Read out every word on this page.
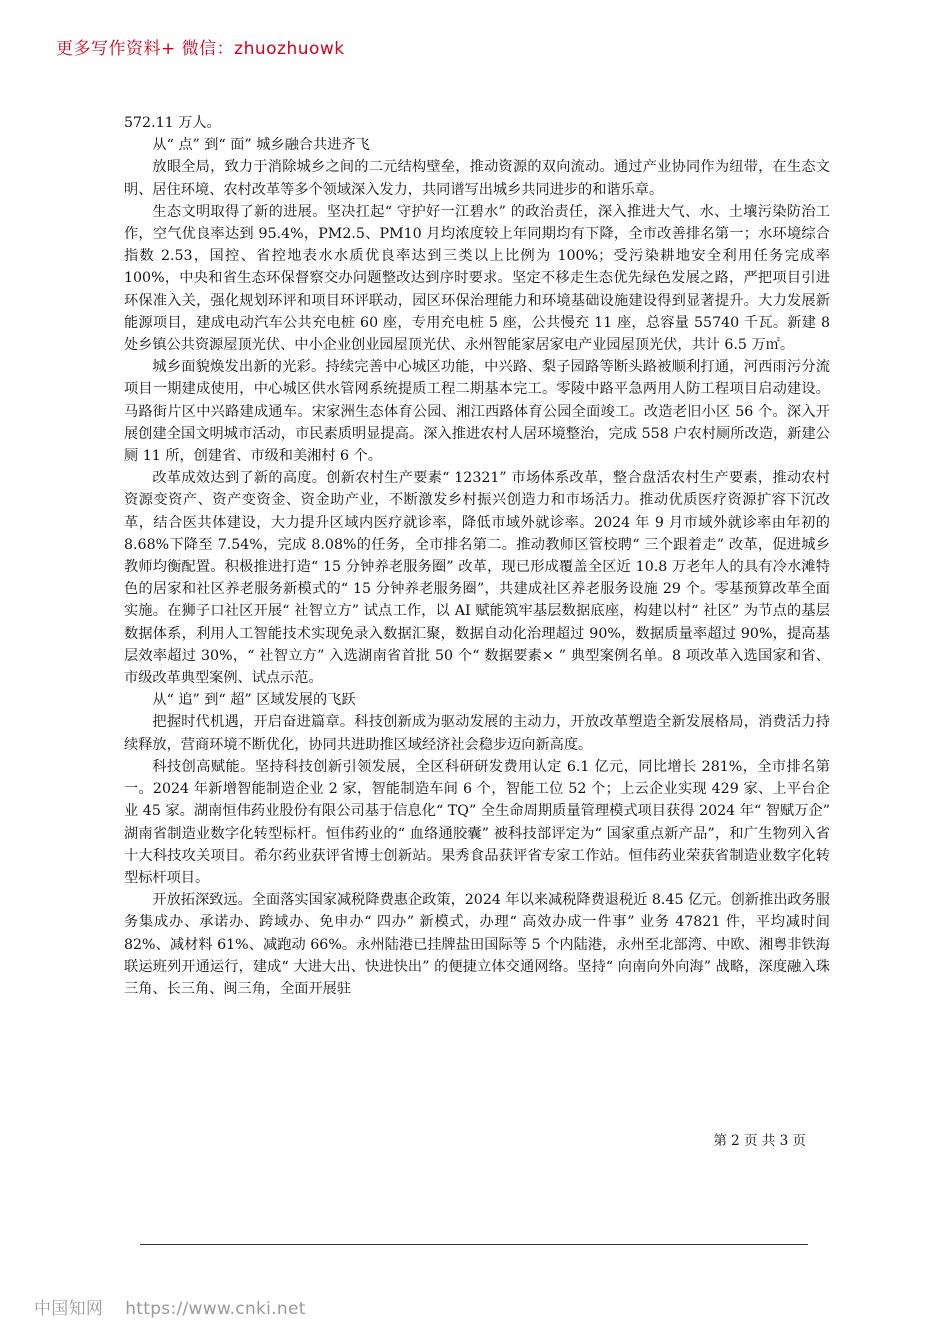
更多写作资料+ 微信：zhuozhuowk

572.11 万人。

从“ 点” 到“ 面” 城乡融合共进齐飞

放眼全局，致力于消除城乡之间的二元结构壁垒，推动资源的双向流动。通过产业协同作为纽带，在生态文明、居住环境、农村改革等多个领域深入发力，共同谱写出城乡共同进步的和谐乐章。

生态文明取得了新的进展。坚决扛起“ 守护好一江碧水” 的政治责任，深入推进大气、水、土壤污染防治工作，空气优良率达到 95.4%，PM2.5、PM10 月均浓度较上年同期均有下降，全市改善排名第一；水环境综合指数 2.53，国控、省控地表水水质优良率达到三类以上比例为 100%；受污染耕地安全利用任务完成率 100%，中央和省生态环保督察交办问题整改达到序时要求。坚定不移走生态优先绿色发展之路，严把项目引进环保准入关，强化规划环评和项目环评联动，园区环保治理能力和环境基础设施建设得到显著提升。大力发展新能源项目，建成电动汽车公共充电桩 60 座，专用充电桩 5 座，公共慢充 11 座，总容量 55740 千瓦。新建 8 处乡镇公共资源屋顶光伏、中小企业创业园屋顶光伏、永州智能家居家电产业园屋顶光伏，共计 6.5 万㎡。

城乡面貌焕发出新的光彩。持续完善中心城区功能，中兴路、梨子园路等断头路被顺利打通，河西雨污分流项目一期建成使用，中心城区供水管网系统提质工程二期基本完工。零陵中路平急两用人防工程项目启动建设。马路街片区中兴路建成通车。宋家洲生态体育公园、湘江西路体育公园全面竣工。改造老旧小区 56 个。深入开展创建全国文明城市活动，市民素质明显提高。深入推进农村人居环境整治，完成 558 户农村厕所改造，新建公厕 11 所，创建省、市级和美湘村 6 个。

改革成效达到了新的高度。创新农村生产要素“ 12321” 市场体系改革，整合盘活农村生产要素，推动农村资源变资产、资产变资金、资金助产业，不断激发乡村振兴创造力和市场活力。推动优质医疗资源扩容下沉改革，结合医共体建设，大力提升区域内医疗就诊率，降低市域外就诊率。2024 年 9 月市域外就诊率由年初的 8.68%下降至 7.54%，完成 8.08%的任务，全市排名第二。推动教师区管校聘“ 三个跟着走” 改革，促进城乡教师均衡配置。积极推进打造“ 15 分钟养老服务圈” 改革，现已形成覆盖全区近 10.8 万老年人的具有冷水滩特色的居家和社区养老服务新模式的“ 15 分钟养老服务圈”，共建成社区养老服务设施 29 个。零基预算改革全面实施。在狮子口社区开展“ 社智立方” 试点工作，以 AI 赋能筑牢基层数据底座，构建以村“ 社区” 为节点的基层数据体系，利用人工智能技术实现免录入数据汇聚，数据自动化治理超过 90%，数据质量率超过 90%，提高基层效率超过 30%，“ 社智立方” 入选湖南省首批 50 个“ 数据要素× ” 典型案例名单。8 项改革入选国家和省、市级改革典型案例、试点示范。

从“ 追” 到“ 超” 区域发展的飞跃

把握时代机遇，开启奋进篇章。科技创新成为驱动发展的主动力，开放改革塑造全新发展格局，消费活力持续释放，营商环境不断优化，协同共进助推区域经济社会稳步迈向新高度。

科技创高赋能。坚持科技创新引领发展，全区科研研发费用认定 6.1 亿元，同比增长 281%，全市排名第一。2024 年新增智能制造企业 2 家，智能制造车间 6 个，智能工位 52 个；上云企业实现 429 家、上平台企业 45 家。湖南恒伟药业股份有限公司基于信息化“ TQ” 全生命周期质量管理模式项目获得 2024 年“ 智赋万企” 湖南省制造业数字化转型标杆。恒伟药业的“ 血络通胶囊” 被科技部评定为“ 国家重点新产品”，和广生物列入省十大科技攻关项目。希尔药业获评省博士创新站。果秀食品获评省专家工作站。恒伟药业荣获省制造业数字化转型标杆项目。

开放拓深致远。全面落实国家减税降费惠企政策，2024 年以来减税降费退税近 8.45 亿元。创新推出政务服务集成办、承诺办、跨域办、免申办“ 四办” 新模式，办理“ 高效办成一件事” 业务 47821 件，平均减时间 82%、减材料 61%、减跑动 66%。永州陆港已挂牌盐田国际等 5 个内陆港，永州至北部湾、中欧、湘粤非铁海联运班列开通运行，建成“ 大进大出、快进快出” 的便捷立体交通网络。坚持“ 向南向外向海” 战略，深度融入珠三角、长三角、闽三角，全面开展驻

第 2 页 共 3 页
中国知网 https://www.cnki.net
